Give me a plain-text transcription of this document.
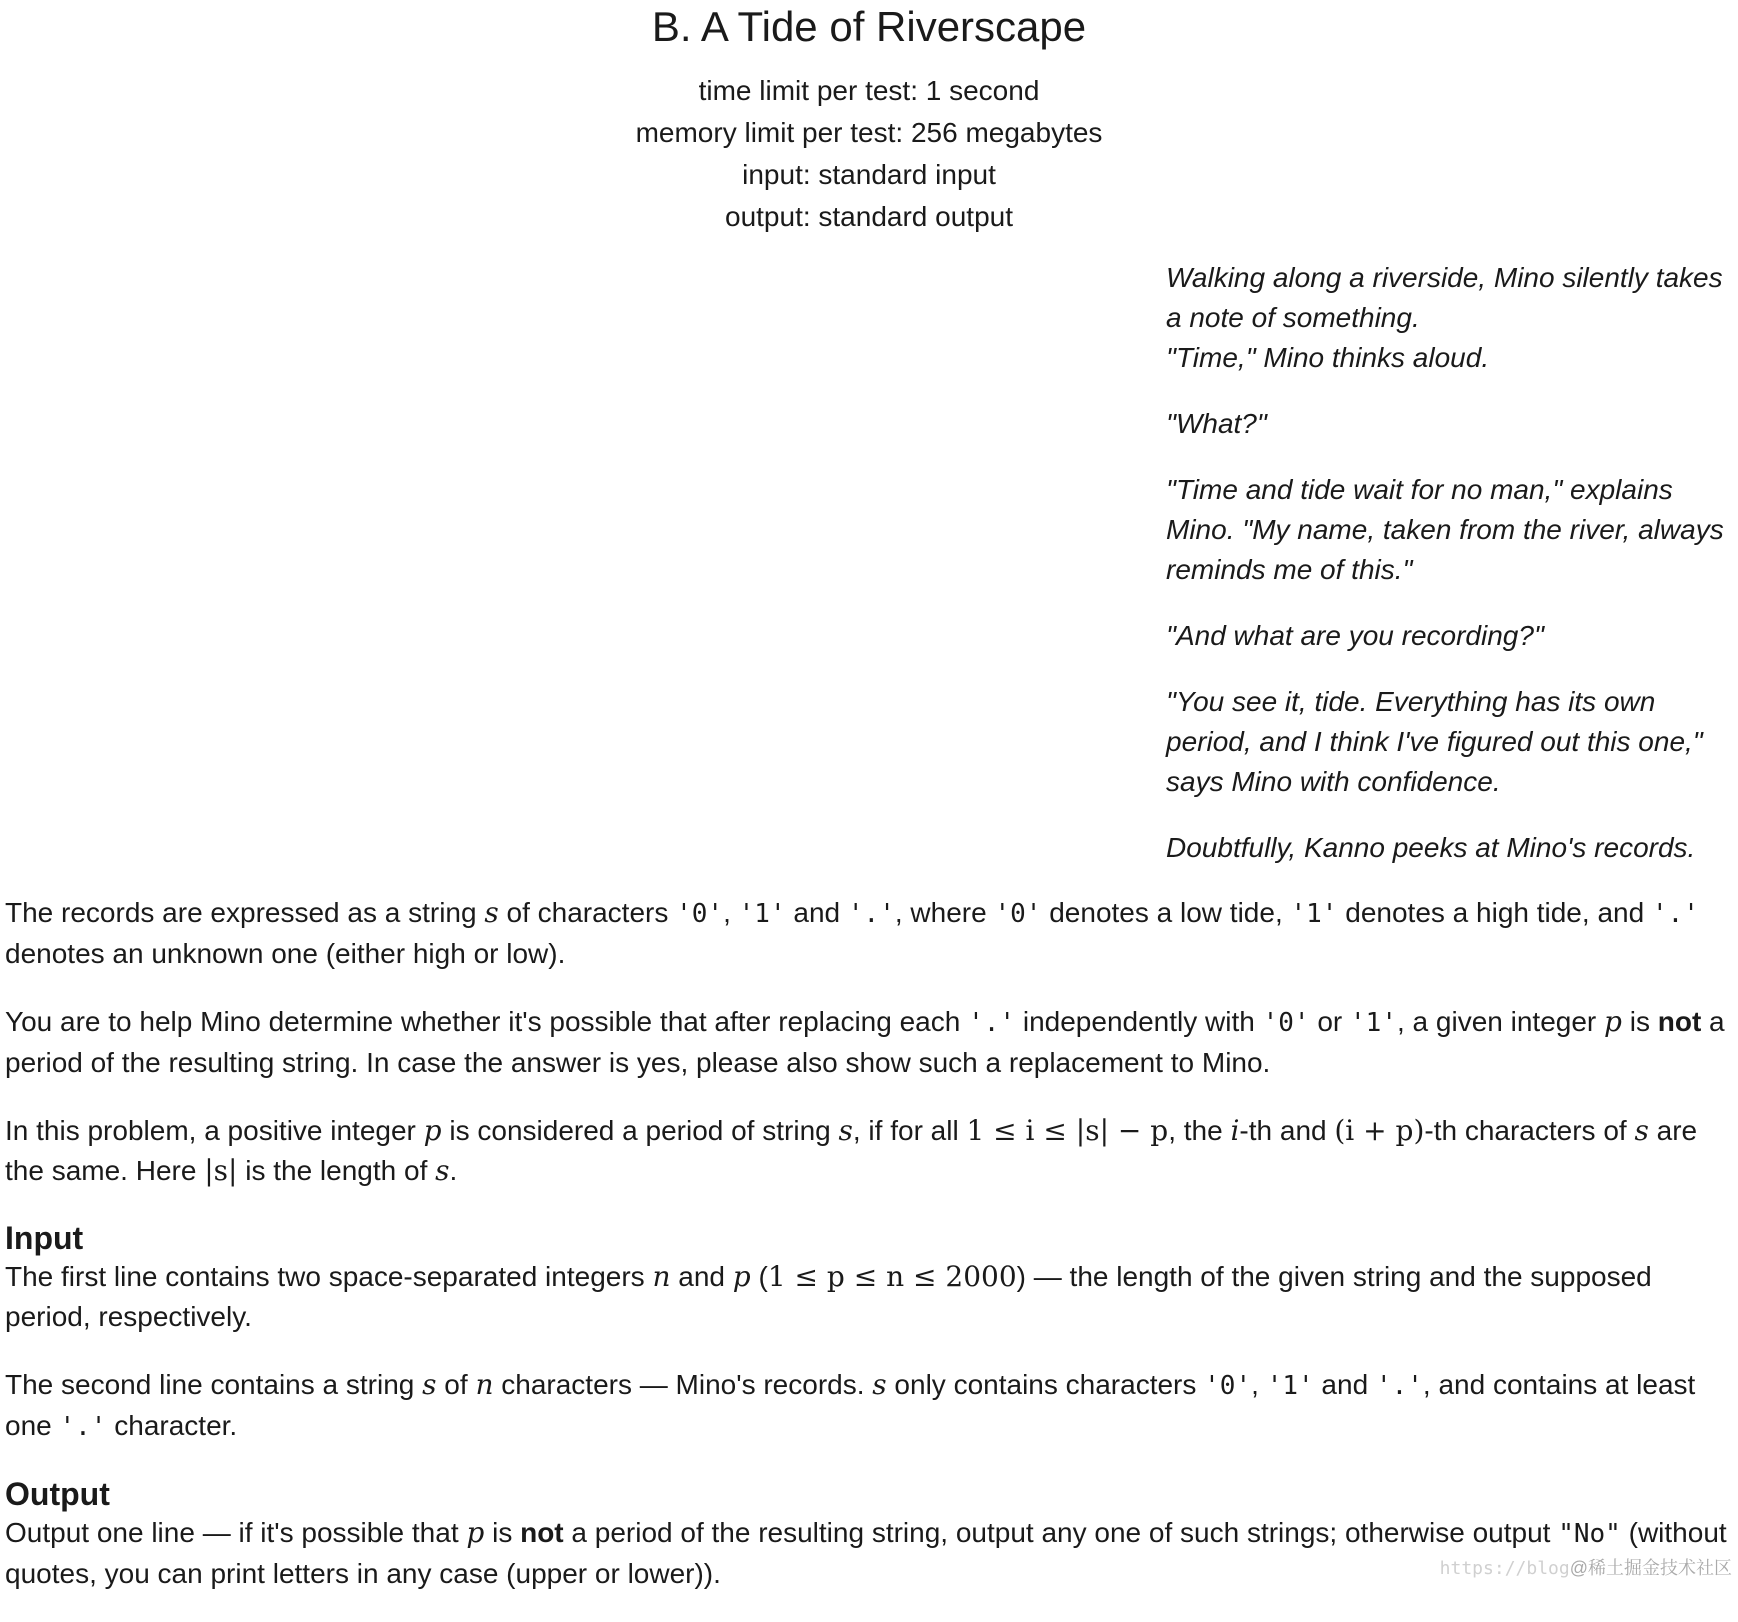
B. A Tide of Riverscape
time limit per test: 1 second
memory limit per test: 256 megabytes
input: standard input
output: standard output

Walking along a riverside, Mino silently takes a note of something.
"Time," Mino thinks aloud.

"What?"

"Time and tide wait for no man," explains Mino. "My name, taken from the river, always reminds me of this."

"And what are you recording?"

"You see it, tide. Everything has its own period, and I think I've figured out this one," says Mino with confidence.

Doubtfully, Kanno peeks at Mino's records.

The records are expressed as a string s of characters '0', '1' and '.', where '0' denotes a low tide, '1' denotes a high tide, and '.' denotes an unknown one (either high or low).

You are to help Mino determine whether it's possible that after replacing each '.' independently with '0' or '1', a given integer p is not a period of the resulting string. In case the answer is yes, please also show such a replacement to Mino.

In this problem, a positive integer p is considered a period of string s, if for all 1 ≤ i ≤ |s| − p, the i-th and (i + p)-th characters of s are the same. Here |s| is the length of s.

Input

The first line contains two space-separated integers n and p (1 ≤ p ≤ n ≤ 2000) — the length of the given string and the supposed period, respectively.

The second line contains a string s of n characters — Mino's records. s only contains characters '0', '1' and '.', and contains at least one '.' character.

Output

Output one line — if it's possible that p is not a period of the resulting string, output any one of such strings; otherwise output "No" (without quotes, you can print letters in any case (upper or lower)).	https://blog@稀土掘金技术社区
